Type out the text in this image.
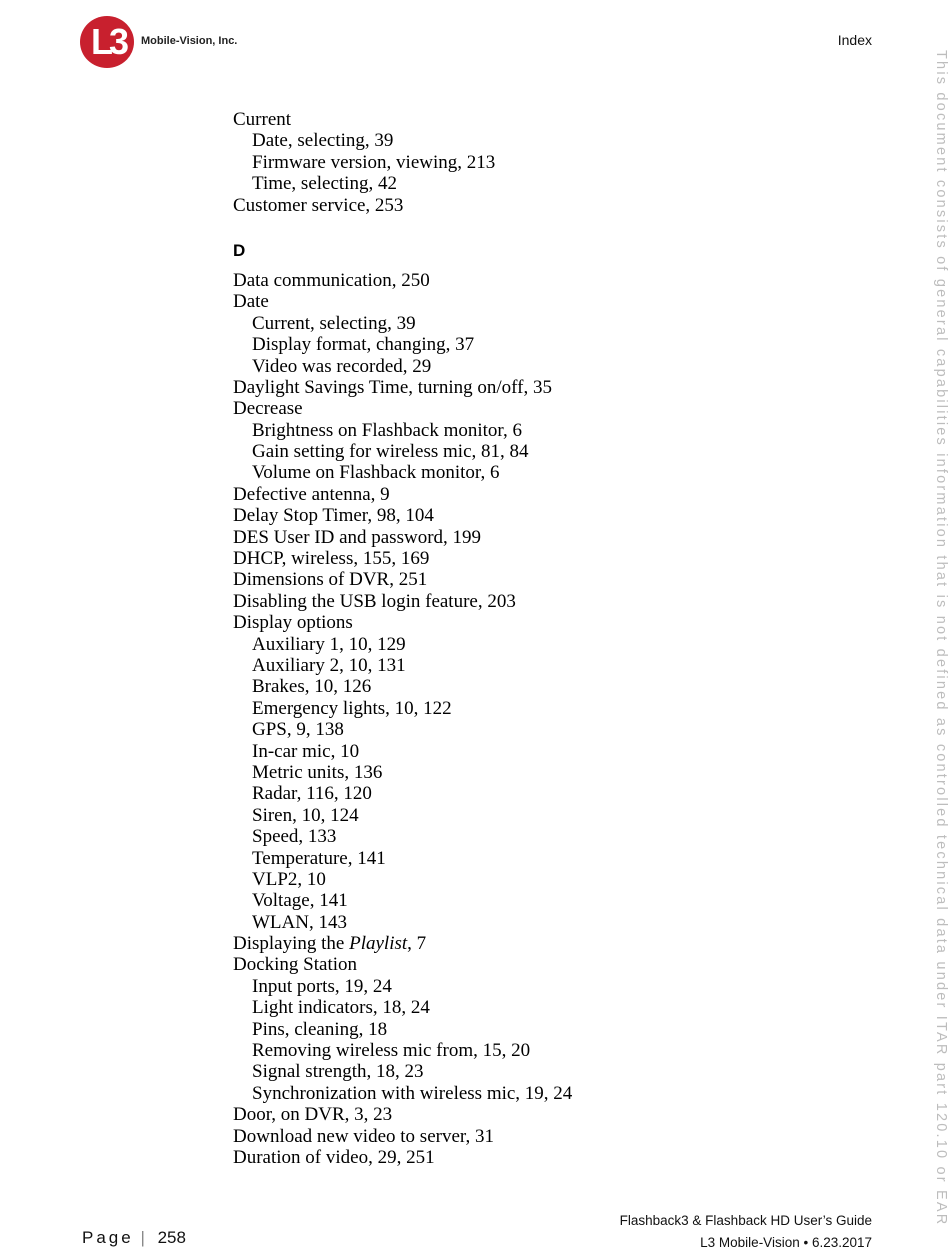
L3	Mobile-Vision, Inc.	Index
This document consists of general capabilities information that is not defined as controlled technical data under ITAR part 120.10 or EAR
Current
Date, selecting, 39
Firmware version, viewing, 213
Time, selecting, 42
Customer service, 253
D
Data communication, 250
Date
Current, selecting, 39
Display format, changing, 37
Video was recorded, 29
Daylight Savings Time, turning on/off, 35
Decrease
Brightness on Flashback monitor, 6
Gain setting for wireless mic, 81, 84
Volume on Flashback monitor, 6
Defective antenna, 9
Delay Stop Timer, 98, 104
DES User ID and password, 199
DHCP, wireless, 155, 169
Dimensions of DVR, 251
Disabling the USB login feature, 203
Display options
Auxiliary 1, 10, 129
Auxiliary 2, 10, 131
Brakes, 10, 126
Emergency lights, 10, 122
GPS, 9, 138
In-car mic, 10
Metric units, 136
Radar, 116, 120
Siren, 10, 124
Speed, 133
Temperature, 141
VLP2, 10
Voltage, 141
WLAN, 143
Displaying the Playlist, 7
Docking Station
Input ports, 19, 24
Light indicators, 18, 24
Pins, cleaning, 18
Removing wireless mic from, 15, 20
Signal strength, 18, 23
Synchronization with wireless mic, 19, 24
Door, on DVR, 3, 23
Download new video to server, 31
Duration of video, 29, 251
Page | 258
Flashback3 & Flashback HD User’s Guide
L3 Mobile-Vision • 6.23.2017
